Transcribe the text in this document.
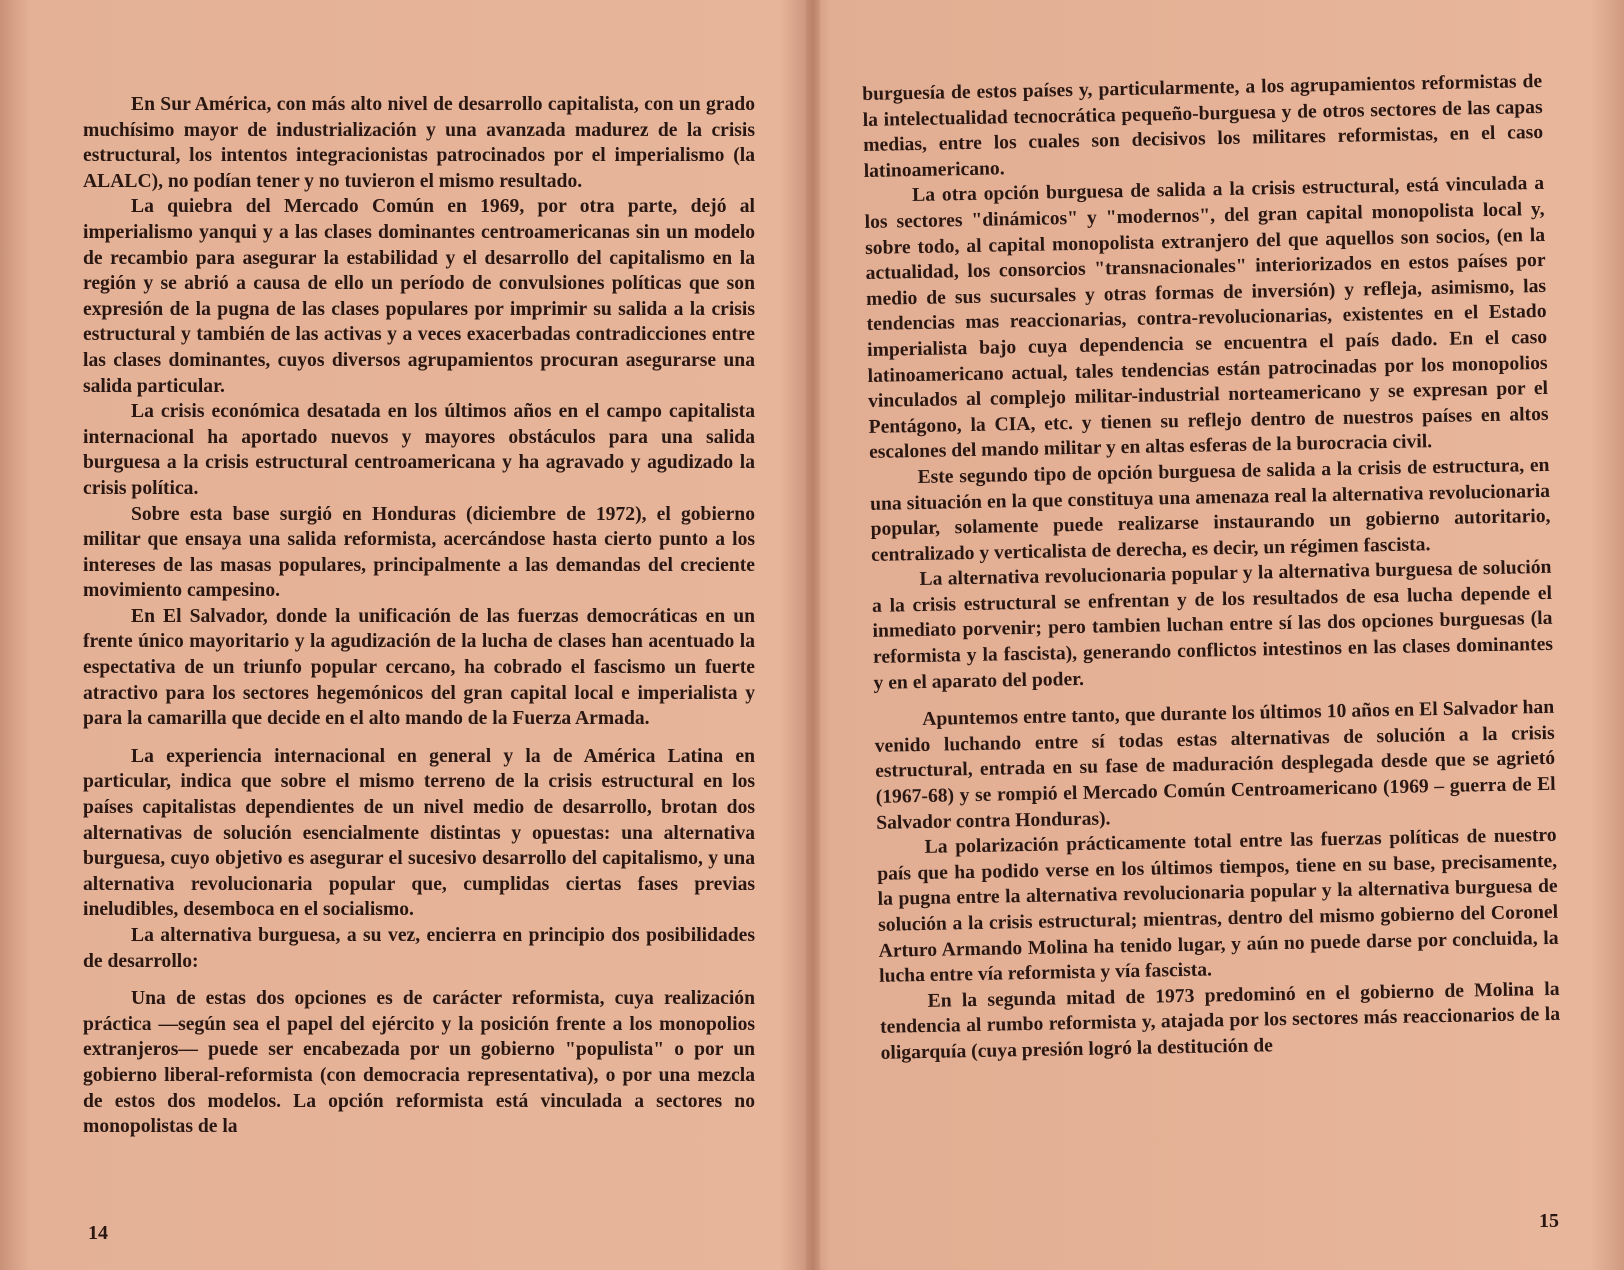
En Sur América, con más alto nivel de desarrollo capitalista, con un grado muchísimo mayor de industrialización y una avanzada madurez de la crisis estructural, los intentos integracionistas patrocinados por el imperialismo (la ALALC), no podían tener y no tuvieron el mismo resultado.

La quiebra del Mercado Común en 1969, por otra parte, dejó al imperialismo yanqui y a las clases dominantes centroamericanas sin un modelo de recambio para asegurar la estabilidad y el desarrollo del capitalismo en la región y se abrió a causa de ello un período de convulsiones políticas que son expresión de la pugna de las clases populares por imprimir su salida a la crisis estructural y también de las activas y a veces exacerbadas contradicciones entre las clases dominantes, cuyos diversos agrupamientos procuran asegurarse una salida particular.

La crisis económica desatada en los últimos años en el campo capitalista internacional ha aportado nuevos y mayores obstáculos para una salida burguesa a la crisis estructural centroamericana y ha agravado y agudizado la crisis política.

Sobre esta base surgió en Honduras (diciembre de 1972), el gobierno militar que ensaya una salida reformista, acercándose hasta cierto punto a los intereses de las masas populares, principalmente a las demandas del creciente movimiento campesino.

En El Salvador, donde la unificación de las fuerzas democráticas en un frente único mayoritario y la agudización de la lucha de clases han acentuado la espectativa de un triunfo popular cercano, ha cobrado el fascismo un fuerte atractivo para los sectores hegemónicos del gran capital local e imperialista y para la camarilla que decide en el alto mando de la Fuerza Armada.

La experiencia internacional en general y la de América Latina en particular, indica que sobre el mismo terreno de la crisis estructural en los países capitalistas dependientes de un nivel medio de desarrollo, brotan dos alternativas de solución esencialmente distintas y opuestas: una alternativa burguesa, cuyo objetivo es asegurar el sucesivo desarrollo del capitalismo, y una alternativa revolucionaria popular que, cumplidas ciertas fases previas ineludibles, desemboca en el socialismo.

La alternativa burguesa, a su vez, encierra en principio dos posibilidades de desarrollo:

Una de estas dos opciones es de carácter reformista, cuya realización práctica —según sea el papel del ejército y la posición frente a los monopolios extranjeros— puede ser encabezada por un gobierno "populista" o por un gobierno liberal-reformista (con democracia representativa), o por una mezcla de estos dos modelos. La opción reformista está vinculada a sectores no monopolistas de la

14

burguesía de estos países y, particularmente, a los agrupamientos reformistas de la intelectualidad tecnocrática pequeño-burguesa y de otros sectores de las capas medias, entre los cuales son decisivos los militares reformistas, en el caso latinoamericano.

La otra opción burguesa de salida a la crisis estructural, está vinculada a los sectores "dinámicos" y "modernos", del gran capital monopolista local y, sobre todo, al capital monopolista extranjero del que aquellos son socios, (en la actualidad, los consorcios "transnacionales" interiorizados en estos países por medio de sus sucursales y otras formas de inversión) y refleja, asimismo, las tendencias mas reaccionarias, contra-revolucionarias, existentes en el Estado imperialista bajo cuya dependencia se encuentra el país dado. En el caso latinoamericano actual, tales tendencias están patrocinadas por los monopolios vinculados al complejo militar-industrial norteamericano y se expresan por el Pentágono, la CIA, etc. y tienen su reflejo dentro de nuestros países en altos escalones del mando militar y en altas esferas de la burocracia civil.

Este segundo tipo de opción burguesa de salida a la crisis de estructura, en una situación en la que constituya una amenaza real la alternativa revolucionaria popular, solamente puede realizarse instaurando un gobierno autoritario, centralizado y verticalista de derecha, es decir, un régimen fascista.

La alternativa revolucionaria popular y la alternativa burguesa de solución a la crisis estructural se enfrentan y de los resultados de esa lucha depende el inmediato porvenir; pero tambien luchan entre sí las dos opciones burguesas (la reformista y la fascista), generando conflictos intestinos en las clases dominantes y en el aparato del poder.

Apuntemos entre tanto, que durante los últimos 10 años en El Salvador han venido luchando entre sí todas estas alternativas de solución a la crisis estructural, entrada en su fase de maduración desplegada desde que se agrietó (1967-68) y se rompió el Mercado Común Centroamericano (1969 – guerra de El Salvador contra Honduras).

La polarización prácticamente total entre las fuerzas políticas de nuestro país que ha podido verse en los últimos tiempos, tiene en su base, precisamente, la pugna entre la alternativa revolucionaria popular y la alternativa burguesa de solución a la crisis estructural; mientras, dentro del mismo gobierno del Coronel Arturo Armando Molina ha tenido lugar, y aún no puede darse por concluida, la lucha entre vía reformista y vía fascista.

En la segunda mitad de 1973 predominó en el gobierno de Molina la tendencia al rumbo reformista y, atajada por los sectores más reaccionarios de la oligarquía (cuya presión logró la destitución de

15
